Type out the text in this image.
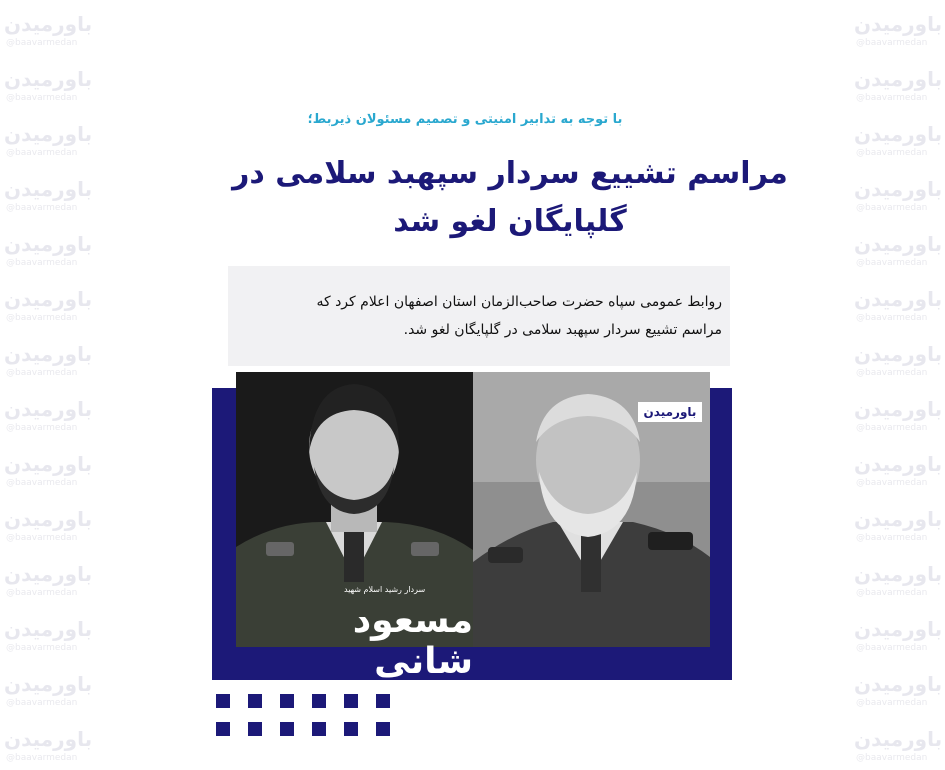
باورمیدن
@baavarmedan
باورمیدن
@baavarmedan
باورمیدن
@baavarmedan
باورمیدن
@baavarmedan
باورمیدن
@baavarmedan
باورمیدن
@baavarmedan
باورمیدن
@baavarmedan
باورمیدن
@baavarmedan
باورمیدن
@baavarmedan
باورمیدن
@baavarmedan
باورمیدن
@baavarmedan
باورمیدن
@baavarmedan
باورمیدن
@baavarmedan
باورمیدن
@baavarmedan
باورمیدن
@baavarmedan
باورمیدن
@baavarmedan
باورمیدن
@baavarmedan
باورمیدن
@baavarmedan
باورمیدن
@baavarmedan
باورمیدن
@baavarmedan
باورمیدن
@baavarmedan
باورمیدن
@baavarmedan
باورمیدن
@baavarmedan
باورمیدن
@baavarmedan
باورمیدن
@baavarmedan
باورمیدن
@baavarmedan
باورمیدن
@baavarmedan
باورمیدن
@baavarmedan
با توجه به تدابیر امنیتی و تصمیم مسئولان ذیربط؛
مراسم تشییع سردار سپهبد سلامی در
گلپایگان لغو شد
روابط عمومی سپاه حضرت صاحب‌الزمان استان اصفهان اعلام کرد که
مراسم تشییع سردار سپهبد سلامی در گلپایگان لغو شد.
سردار رشید اسلام شهید
مسعود شانی
باورمیدن
